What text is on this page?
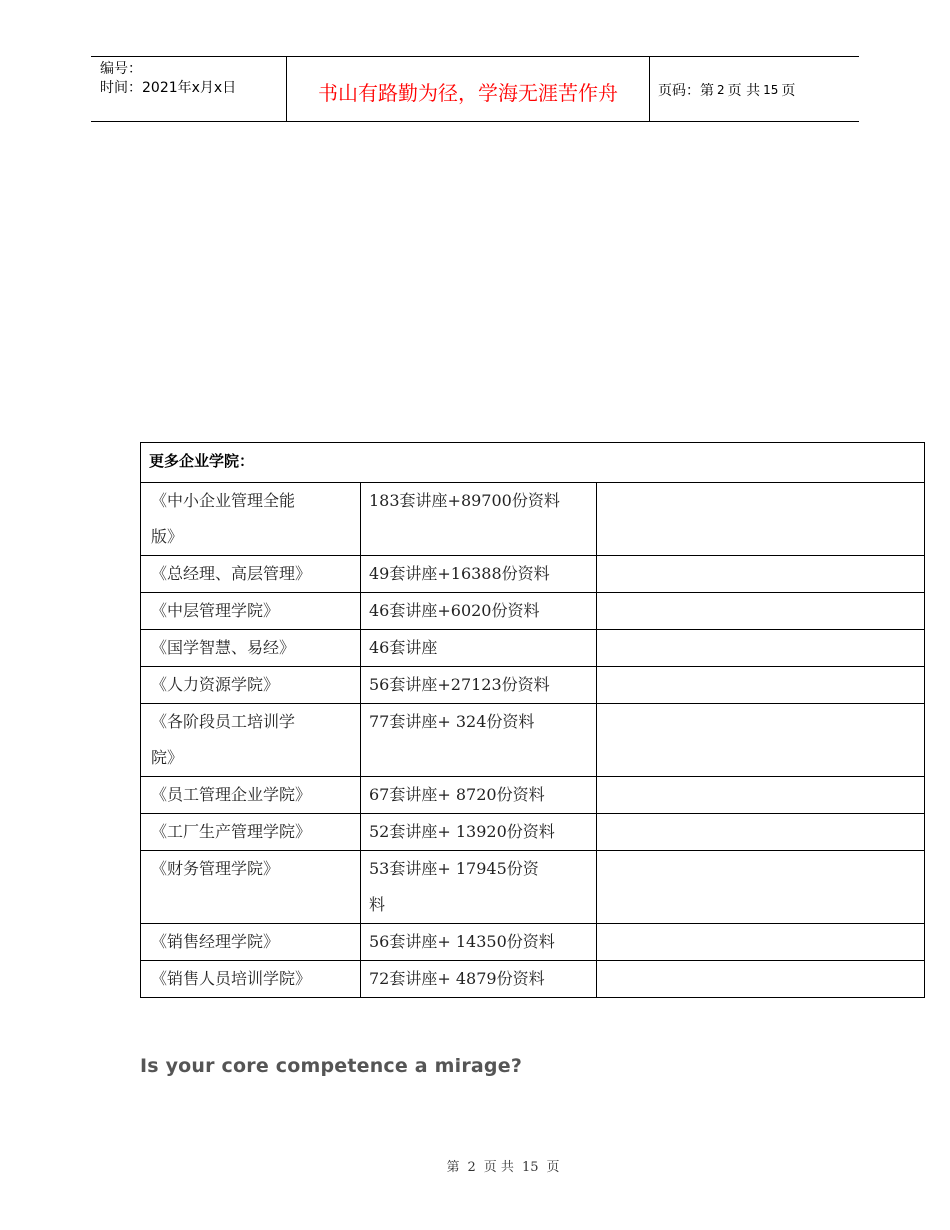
编号：
时间：2021年x月x日	书山有路勤为径，学海无涯苦作舟	页码：第 2 页 共 15 页
更多企业学院：		

《中小企业管理全能
版》	183套讲座+89700份资料	

《总经理、高层管理》	49套讲座+16388份资料	
《中层管理学院》	46套讲座+6020份资料	
《国学智慧、易经》	46套讲座	
《人力资源学院》	56套讲座+27123份资料	

《各阶段员工培训学
院》	77套讲座+ 324份资料	

《员工管理企业学院》	67套讲座+ 8720份资料	
《工厂生产管理学院》	52套讲座+ 13920份资料	

《财务管理学院》	53套讲座+ 17945份资
料	

《销售经理学院》	56套讲座+ 14350份资料	
《销售人员培训学院》	72套讲座+ 4879份资料	
Is your core competence a mirage?
第 2 页 共 15 页
